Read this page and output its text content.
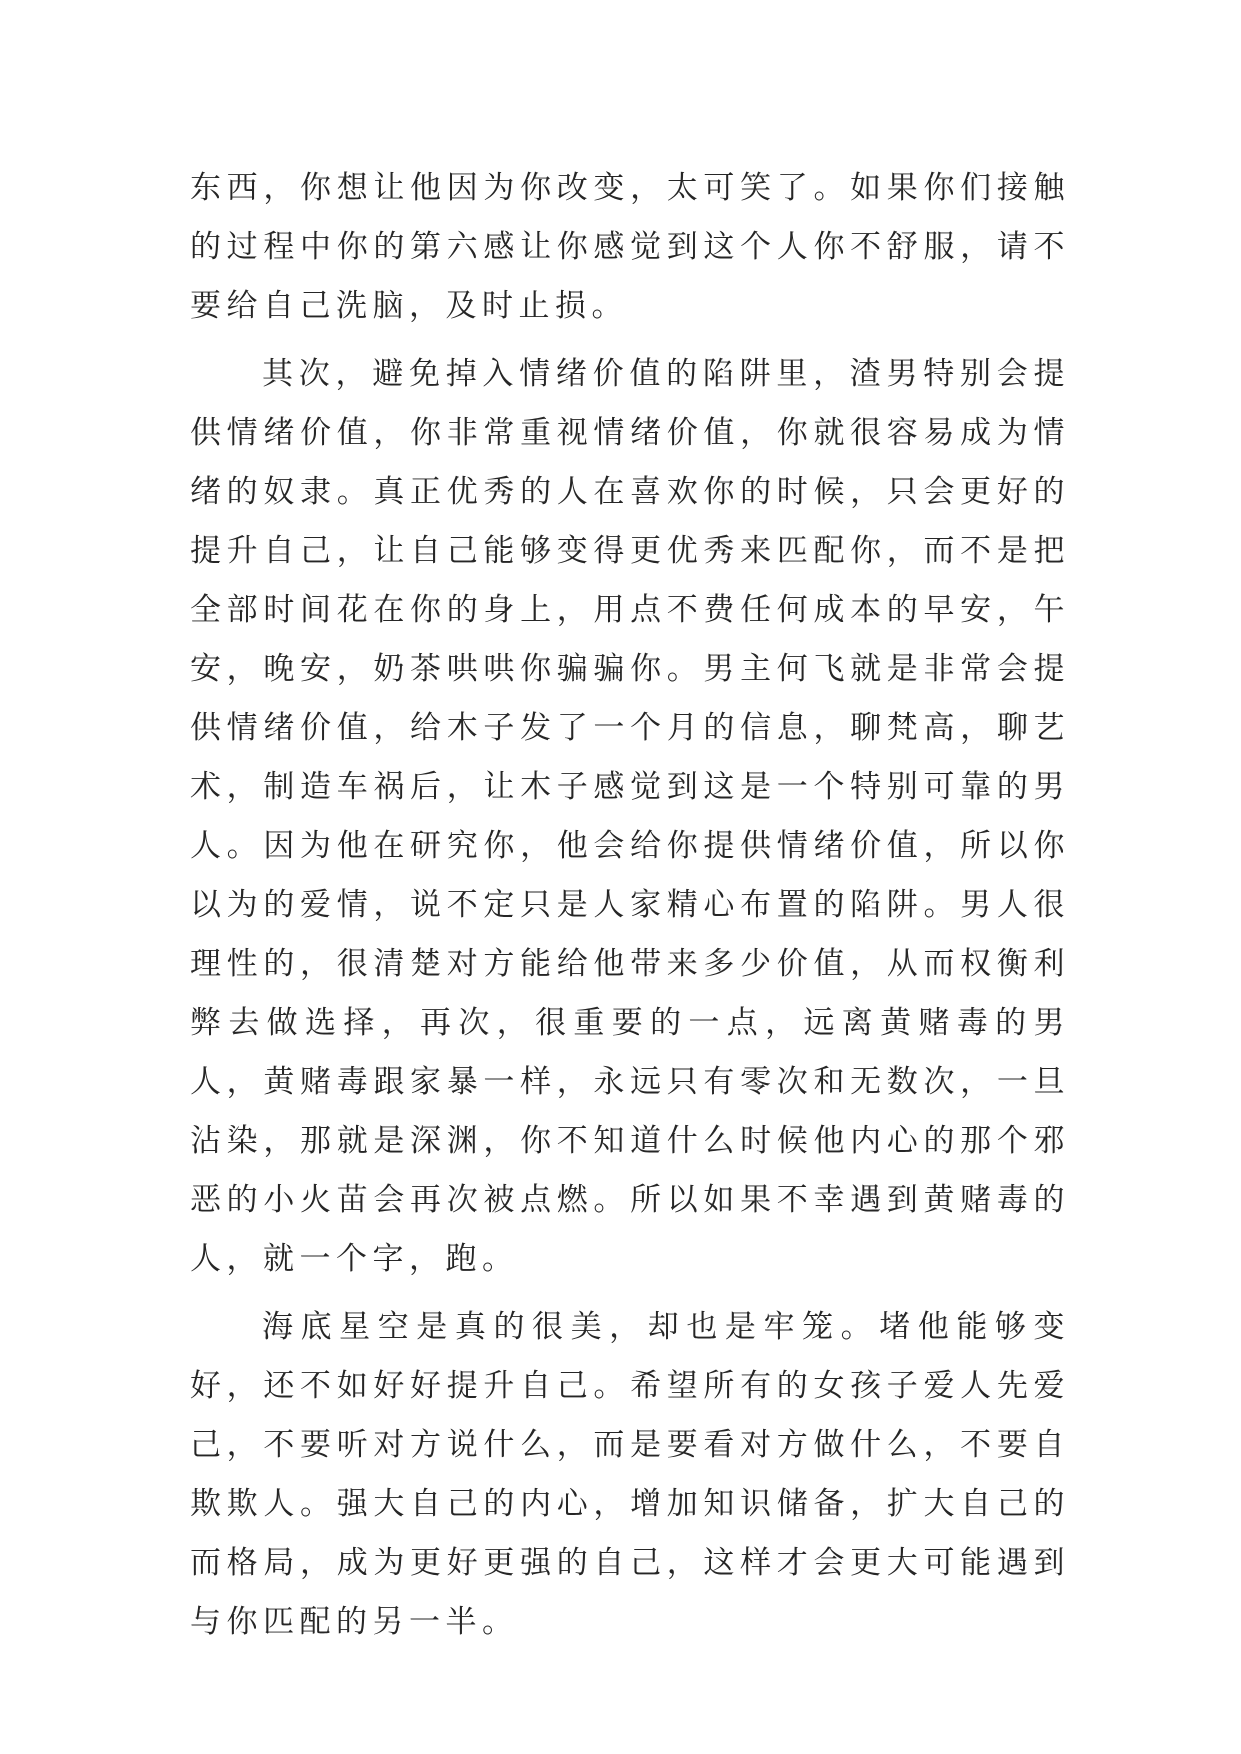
东西，你想让他因为你改变，太可笑了。如果你们接触的过程中你的第六感让你感觉到这个人你不舒服，请不要给自己洗脑，及时止损。

其次，避免掉入情绪价值的陷阱里，渣男特别会提供情绪价值，你非常重视情绪价值，你就很容易成为情绪的奴隶。真正优秀的人在喜欢你的时候，只会更好的提升自己，让自己能够变得更优秀来匹配你，而不是把全部时间花在你的身上，用点不费任何成本的早安，午安，晚安，奶茶哄哄你骗骗你。男主何飞就是非常会提供情绪价值，给木子发了一个月的信息，聊梵高，聊艺术，制造车祸后，让木子感觉到这是一个特别可靠的男人。因为他在研究你，他会给你提供情绪价值，所以你以为的爱情，说不定只是人家精心布置的陷阱。男人很理性的，很清楚对方能给他带来多少价值，从而权衡利弊去做选择，再次，很重要的一点，远离黄赌毒的男人，黄赌毒跟家暴一样，永远只有零次和无数次，一旦沾染，那就是深渊，你不知道什么时候他内心的那个邪恶的小火苗会再次被点燃。所以如果不幸遇到黄赌毒的人，就一个字，跑。

海底星空是真的很美，却也是牢笼。堵他能够变好，还不如好好提升自己。希望所有的女孩子爱人先爱己，不要听对方说什么，而是要看对方做什么，不要自欺欺人。强大自己的内心，增加知识储备，扩大自己的而格局，成为更好更强的自己，这样才会更大可能遇到与你匹配的另一半。
